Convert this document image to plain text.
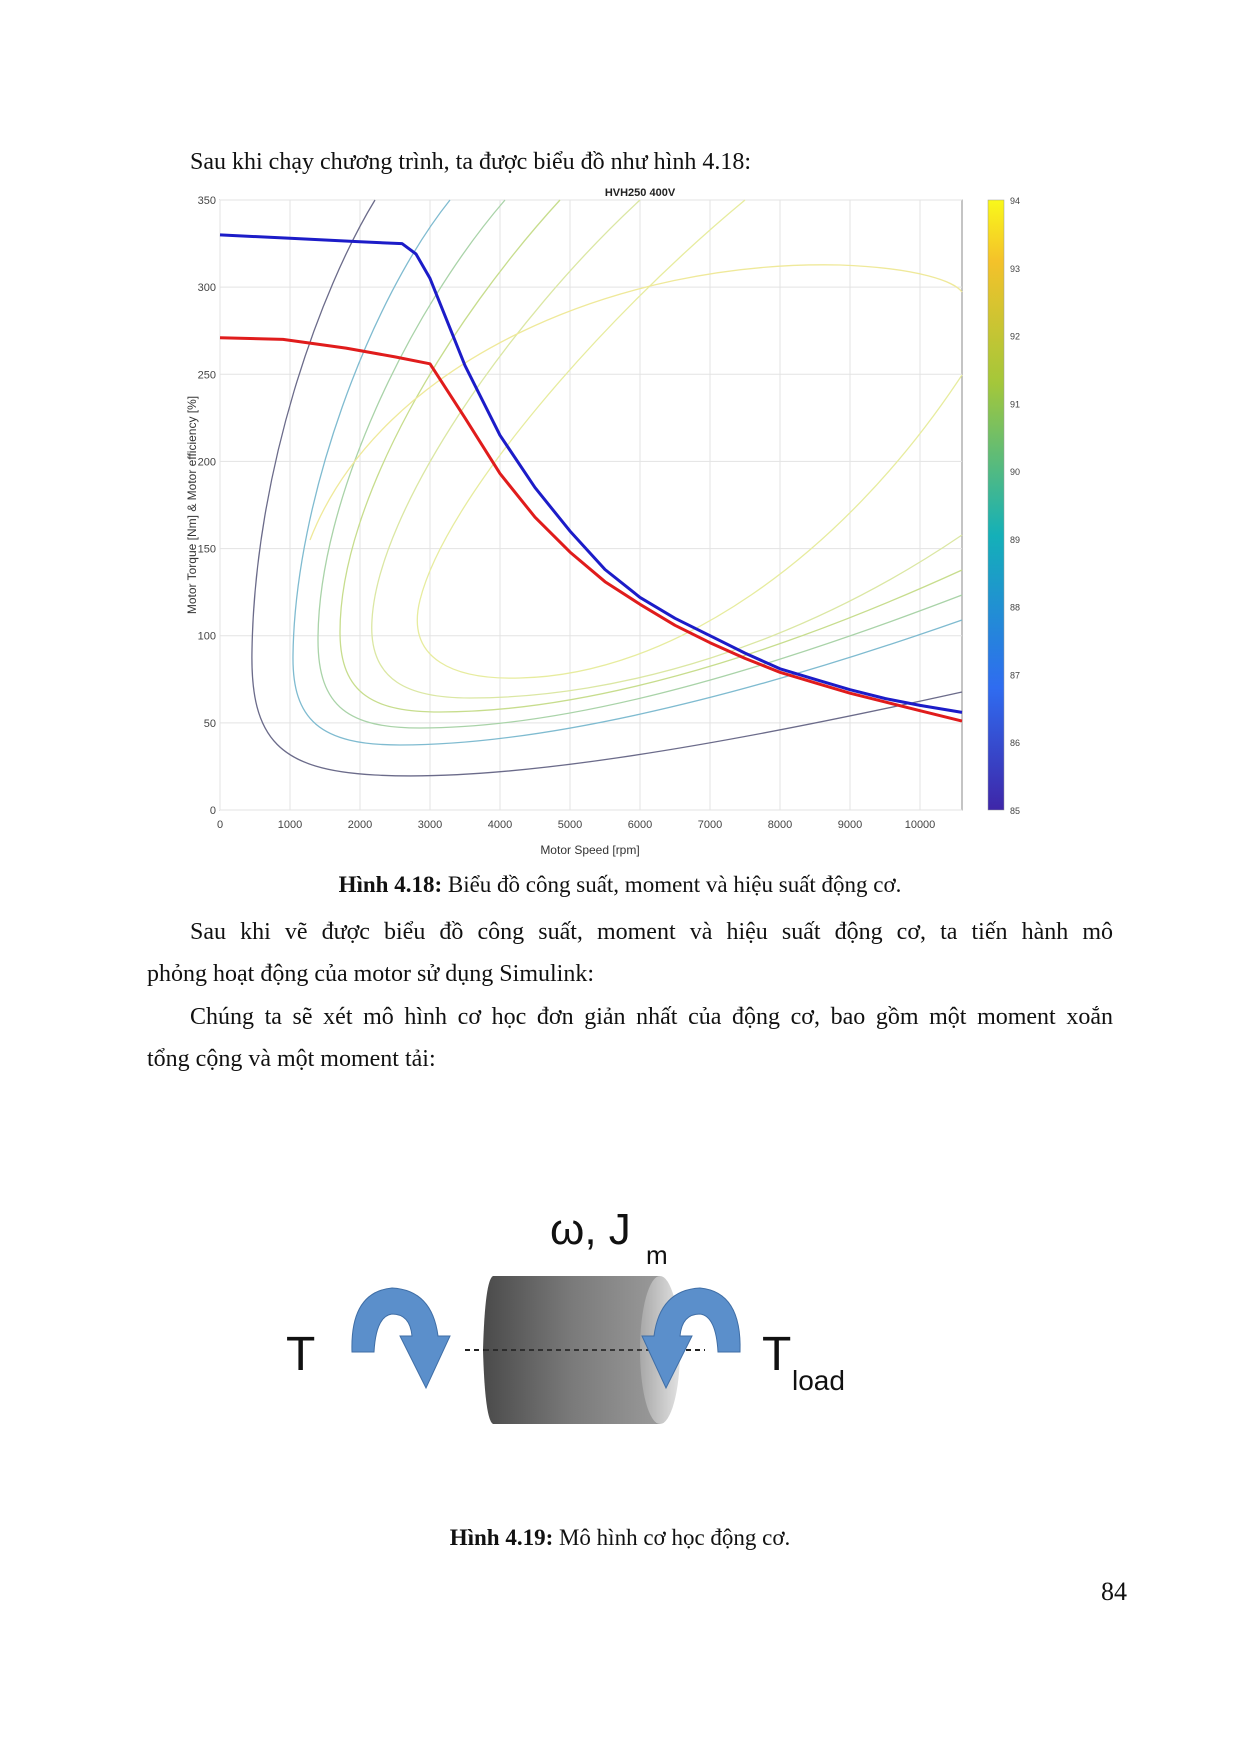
Sau khi chạy chương trình, ta được biểu đồ như hình 4.18:
0	1000	2000	3000	4000	5000	6000	7000	8000	9000	10000
0
50
100
150
200
250
300
350
HVH250 400V
Motor Speed [rpm]
Motor Torque [Nm] & Motor efficiency [%]
85
86
87
88
89
90
91
92
93
94
Hình 4.18: Biểu đồ công suất, moment và hiệu suất động cơ.
Sau khi vẽ được biểu đồ công suất, moment và hiệu suất động cơ, ta tiến hành mô
phỏng hoạt động của motor sử dụng Simulink:
Chúng ta sẽ xét mô hình cơ học đơn giản nhất của động cơ, bao gồm một moment xoắn
tổng cộng và một moment tải:
ω, J
m
T	T load
Hình 4.19: Mô hình cơ học động cơ.
84
